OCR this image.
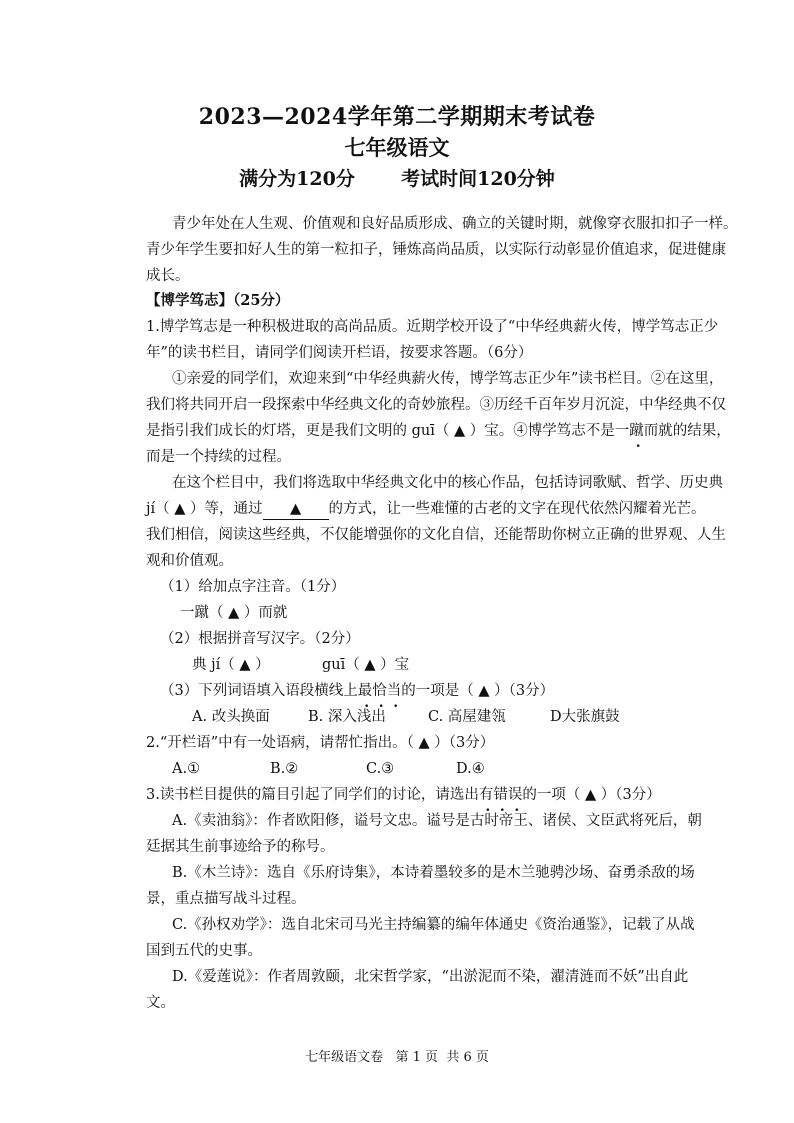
2023—2024学年第二学期期末考试卷
七年级语文
满分为120分       考试时间120分钟
青少年处在人生观、价值观和良好品质形成、确立的关键时期，就像穿衣服扣扣子一样。
青少年学生要扣好人生的第一粒扣子，锤炼高尚品质，以实际行动彰显价值追求，促进健康
成长。
【博学笃志】（25分）
1.博学笃志是一种积极进取的高尚品质。近期学校开设了“中华经典薪火传，博学笃志正少
年”的读书栏目，请同学们阅读开栏语，按要求答题。（6分）
①亲爱的同学们，欢迎来到“中华经典薪火传，博学笃志正少年”读书栏目。②在这里，
我们将共同开启一段探索中华经典文化的奇妙旅程。③历经千百年岁月沉淀，中华经典不仅
是指引我们成长的灯塔，更是我们文明的 guī（ ▲ ）宝。④博学笃志不是一蹴而就的结果，
而是一个持续的过程。
在这个栏目中，我们将选取中华经典文化中的核心作品，包括诗词歌赋、哲学、历史典
jí（ ▲ ）等，通过 ▲ 的方式，让一些难懂的古老的文字在现代依然闪耀着光芒。
我们相信，阅读这些经典，不仅能增强你的文化自信，还能帮助你树立正确的世界观、人生
观和价值观。
（1）给加点字注音。（1分）
一蹴（ ▲ ）而就
（2）根据拼音写汉字。（2分）
典 jí（ ▲ ）	guī（ ▲ ）宝
（3）下列词语填入语段横线上最恰当的一项是（ ▲ ）（3分）
A. 改头换面	B. 深入浅出	C. 高屋建瓴	D大张旗鼓
2.“开栏语”中有一处语病，请帮忙指出。（ ▲ ）（3分）
A.①	B.②	C.③	D.④
3.读书栏目提供的篇目引起了同学们的讨论，请选出有错误的一项（ ▲ ）（3分）
A.《卖油翁》：作者欧阳修，谥号文忠。谥号是古时帝王、诸侯、文臣武将死后，朝
廷据其生前事迹给予的称号。
B.《木兰诗》：选自《乐府诗集》，本诗着墨较多的是木兰驰骋沙场、奋勇杀敌的场
景，重点描写战斗过程。
C.《孙权劝学》：选自北宋司马光主持编纂的编年体通史《资治通鉴》，记载了从战
国到五代的史事。
D.《爱莲说》：作者周敦颐，北宋哲学家，“出淤泥而不染，濯清涟而不妖”出自此
文。
七年级语文卷   第 1 页  共 6 页
